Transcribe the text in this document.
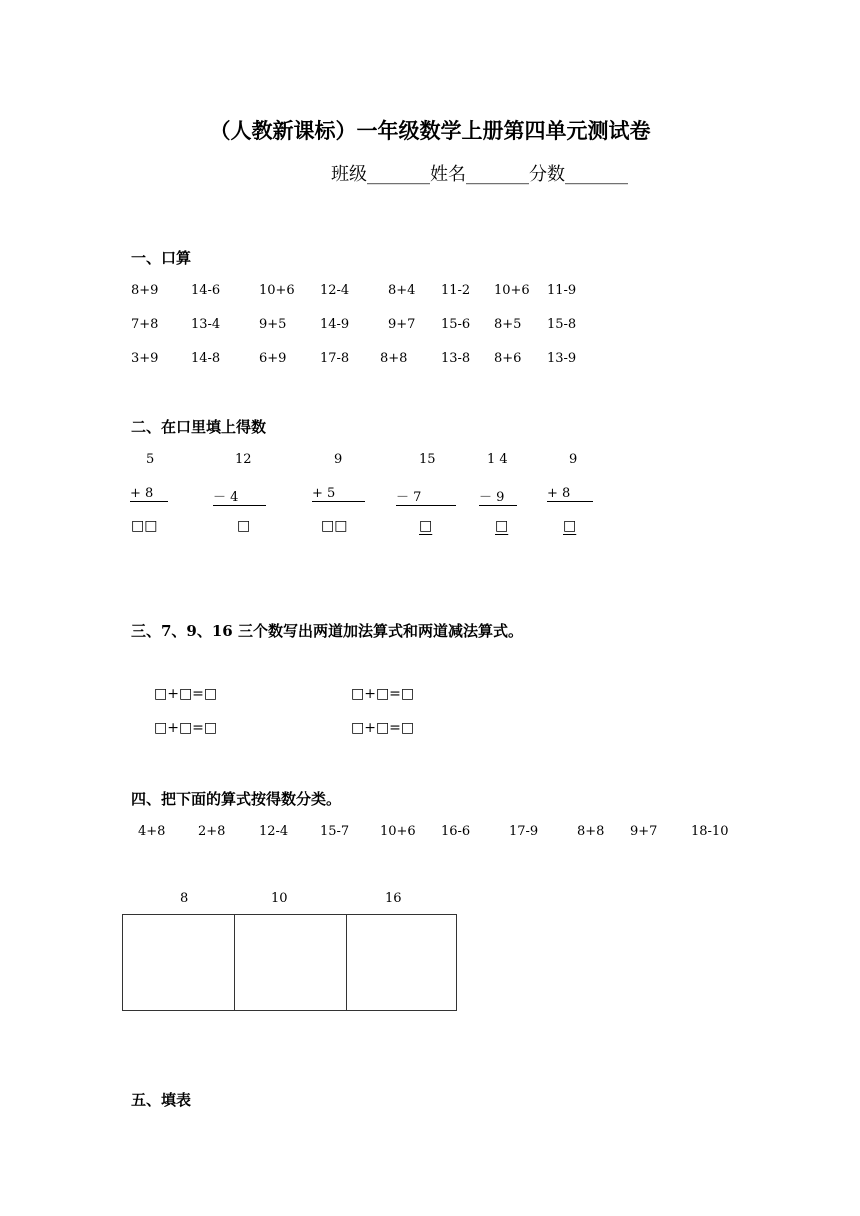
（人教新课标）一年级数学上册第四单元测试卷
班级_______姓名_______分数_______
一、口算
8+9	14-6	10+6 12-4	8+4 11-2 10+6 11-9
7+8	13-4	9+5	14-9	9+7 15-6 8+5 15-8
3+9	14-8	6+9	17-8 8+8	13-8 8+6 13-9
二、在口里填上得数
5	12	9	15	1 4	9
+ 8	－ 4	+ 5	－ 7	－ 9	+ 8
□□	□	□□	□	□	□
三、7、9、16 三个数写出两道加法算式和两道减法算式。
□+□=□	□+□=□
□+□=□	□+□=□
四、把下面的算式按得数分类。
4+8	2+8	12-4 15-7 10+6 16-6	17-9	8+8 9+7	18-10
8	10	16
五、填表
